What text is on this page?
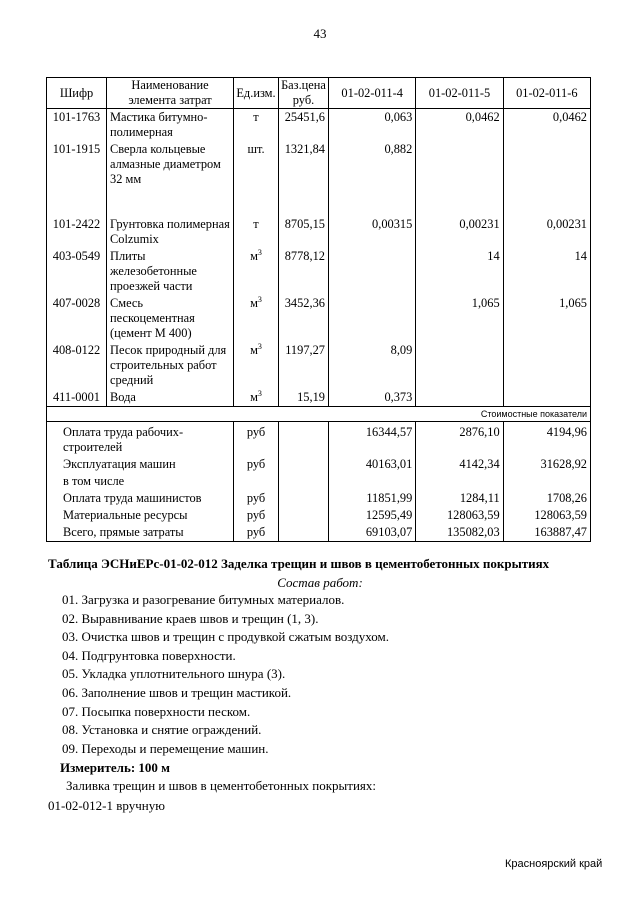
43
Шифр	Наименование элемента затрат	Ед.изм.	Баз.цена руб.	01-02-011-4	01-02-011-5	01-02-011-6
101-1763	Мастика битумно-полимерная	т	25451,6	0,063	0,0462	0,0462
101-1915	Сверла кольцевые алмазные диаметром 32 мм	шт.	1321,84	0,882		

101-2422	Грунтовка полимерная Colzumix	т	8705,15	0,00315	0,00231	0,00231
403-0549	Плиты железобетонные проезжей части	$м^3$	8778,12		14	14
407-0028	Смесь пескоцементная (цемент М 400)	$м^3$	3452,36		1,065	1,065
408-0122	Песок природный для строительных работ средний	$м^3$	1197,27	8,09		
411-0001	Вода	$м^3$	15,19	0,373		
Стоимостные показатели						
Оплата труда рабочих-строителей		руб		16344,57	2876,10	4194,96
Эксплуатация машин		руб		40163,01	4142,34	31628,92
в том числе						
Оплата труда машинистов		руб		11851,99	1284,11	1708,26
Материальные ресурсы		руб		12595,49	128063,59	128063,59
Всего, прямые затраты		руб		69103,07	135082,03	163887,47
Таблица ЭСНиЕРс-01-02-012 Заделка трещин и швов в цементобетонных покрытиях
Состав работ:
01. Загрузка и разогревание битумных материалов.
02. Выравнивание краев швов и трещин (1, 3).
03. Очистка швов и трещин с продувкой сжатым воздухом.
04. Подгрунтовка поверхности.
05. Укладка уплотнительного шнура (3).
06. Заполнение швов и трещин мастикой.
07. Посыпка поверхности песком.
08. Установка и снятие ограждений.
09. Переходы и перемещение машин.
Измеритель: 100 м
Заливка трещин и швов в цементобетонных покрытиях:
01-02-012-1 вручную
Красноярский край
